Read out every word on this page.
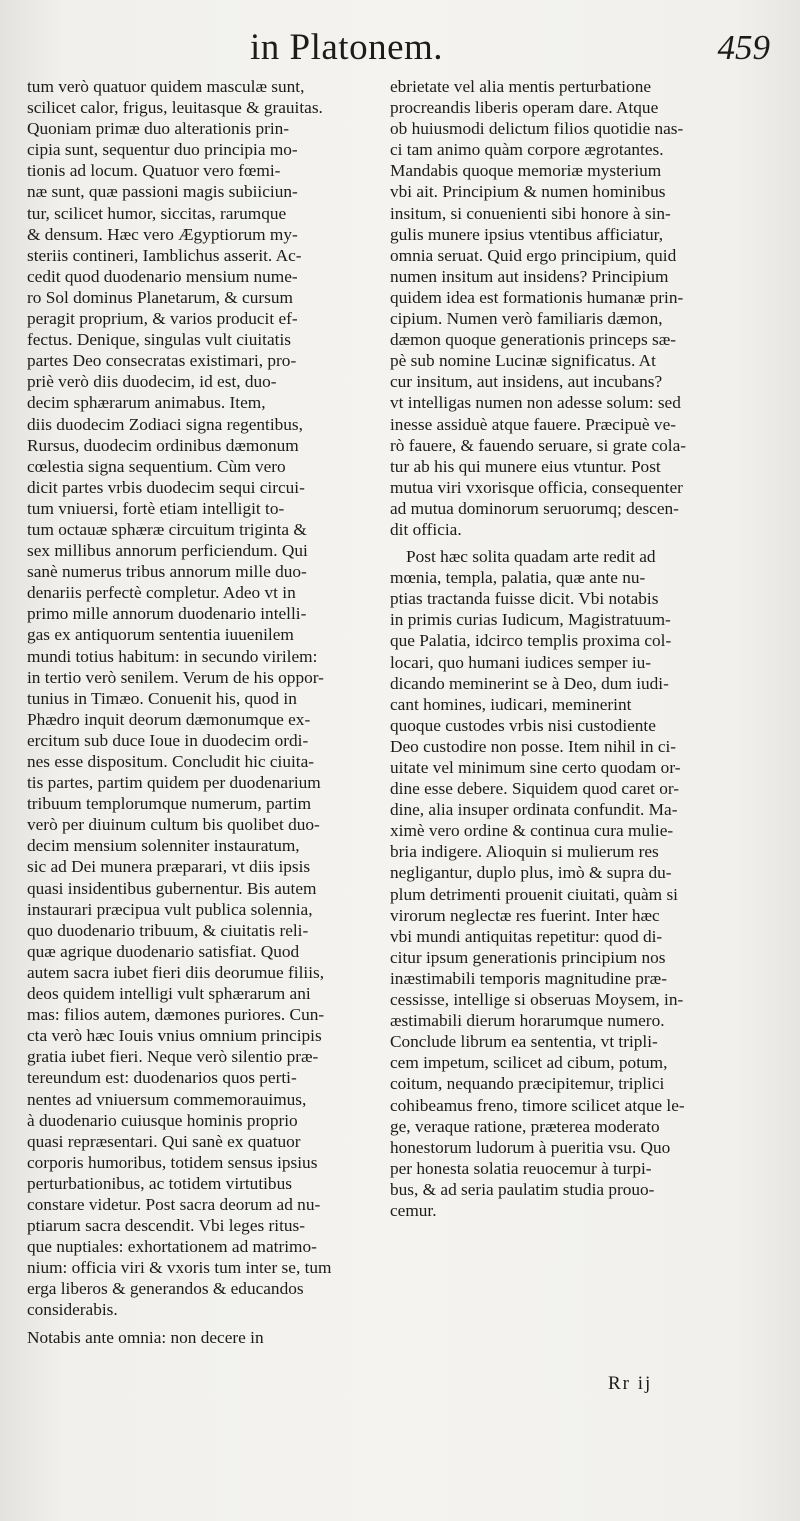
in Platonem.	459
tum verò quatuor quidem masculæ sunt,
scilicet calor, frigus, leuitasque & grauitas.
Quoniam primæ duo alterationis prin-
cipia sunt, sequentur duo principia mo-
tionis ad locum. Quatuor vero fœmi-
næ sunt, quæ passioni magis subiiciun-
tur, scilicet humor, siccitas, rarumque
& densum. Hæc vero Ægyptiorum my-
steriis contineri, Iamblichus asserit. Ac-
cedit quod duodenario mensium nume-
ro Sol dominus Planetarum, & cursum
peragit proprium, & varios producit ef-
fectus. Denique, singulas vult ciuitatis
partes Deo consecratas existimari, pro-
priè verò diis duodecim, id est, duo-
decim sphærarum animabus. Item,
diis duodecim Zodiaci signa regentibus,
Rursus, duodecim ordinibus dæmonum
cœlestia signa sequentium. Cùm vero
dicit partes vrbis duodecim sequi circui-
tum vniuersi, fortè etiam intelligit to-
tum octauæ sphæræ circuitum triginta &
sex millibus annorum perficiendum. Qui
sanè numerus tribus annorum mille duo-
denariis perfectè completur. Adeo vt in
primo mille annorum duodenario intelli-
gas ex antiquorum sententia iuuenilem
mundi totius habitum: in secundo virilem:
in tertio verò senilem. Verum de his oppor-
tunius in Timæo. Conuenit his, quod in
Phædro inquit deorum dæmonumque ex-
ercitum sub duce Ioue in duodecim ordi-
nes esse dispositum. Concludit hic ciuita-
tis partes, partim quidem per duodenarium
tribuum templorumque numerum, partim
verò per diuinum cultum bis quolibet duo-
decim mensium solenniter instauratum,
sic ad Dei munera præparari, vt diis ipsis
quasi insidentibus gubernentur. Bis autem
instaurari præcipua vult publica solennia,
quo duodenario tribuum, & ciuitatis reli-
quæ agrique duodenario satisfiat. Quod
autem sacra iubet fieri diis deorumue filiis,
deos quidem intelligi vult sphærarum ani
mas: filios autem, dæmones puriores. Cun-
cta verò hæc Iouis vnius omnium principis
gratia iubet fieri. Neque verò silentio præ-
tereundum est: duodenarios quos perti-
nentes ad vniuersum commemorauimus,
à duodenario cuiusque hominis proprio
quasi repræsentari. Qui sanè ex quatuor
corporis humoribus, totidem sensus ipsius
perturbationibus, ac totidem virtutibus
constare videtur. Post sacra deorum ad nu-
ptiarum sacra descendit. Vbi leges ritus-
que nuptiales: exhortationem ad matrimo-
nium: officia viri & vxoris tum inter se, tum
erga liberos & generandos & educandos
considerabis.
Notabis ante omnia: non decere in
ebrietate vel alia mentis perturbatione
procreandis liberis operam dare. Atque
ob huiusmodi delictum filios quotidie nas-
ci tam animo quàm corpore ægrotantes.
Mandabis quoque memoriæ mysterium
vbi ait. Principium & numen hominibus
insitum, si conuenienti sibi honore à sin-
gulis munere ipsius vtentibus afficiatur,
omnia seruat. Quid ergo principium, quid
numen insitum aut insidens? Principium
quidem idea est formationis humanæ prin-
cipium. Numen verò familiaris dæmon,
dæmon quoque generationis princeps sæ-
pè sub nomine Lucinæ significatus. At
cur insitum, aut insidens, aut incubans?
vt intelligas numen non adesse solum: sed
inesse assiduè atque fauere. Præcipuè ve-
rò fauere, & fauendo seruare, si grate cola-
tur ab his qui munere eius vtuntur. Post
mutua viri vxorisque officia, consequenter
ad mutua dominorum seruorumq; descen-
dit officia.
Post hæc solita quadam arte redit ad
mœnia, templa, palatia, quæ ante nu-
ptias tractanda fuisse dicit. Vbi notabis
in primis curias Iudicum, Magistratuum-
que Palatia, idcirco templis proxima col-
locari, quo humani iudices semper iu-
dicando meminerint se à Deo, dum iudi-
cant homines, iudicari, meminerint
quoque custodes vrbis nisi custodiente
Deo custodire non posse. Item nihil in ci-
uitate vel minimum sine certo quodam or-
dine esse debere. Siquidem quod caret or-
dine, alia insuper ordinata confundit. Ma-
ximè vero ordine & continua cura mulie-
bria indigere. Alioquin si mulierum res
negligantur, duplo plus, imò & supra du-
plum detrimenti prouenit ciuitati, quàm si
virorum neglectæ res fuerint. Inter hæc
vbi mundi antiquitas repetitur: quod di-
citur ipsum generationis principium nos
inæstimabili temporis magnitudine præ-
cessisse, intellige si obseruas Moysem, in-
æstimabili dierum horarumque numero.
Conclude librum ea sententia, vt tripli-
cem impetum, scilicet ad cibum, potum,
coitum, nequando præcipitemur, triplici
cohibeamus freno, timore scilicet atque le-
ge, veraque ratione, præterea moderato
honestorum ludorum à pueritia vsu. Quo
per honesta solatia reuocemur à turpi-
bus, & ad seria paulatim studia prouo-
cemur.
Rr ij
